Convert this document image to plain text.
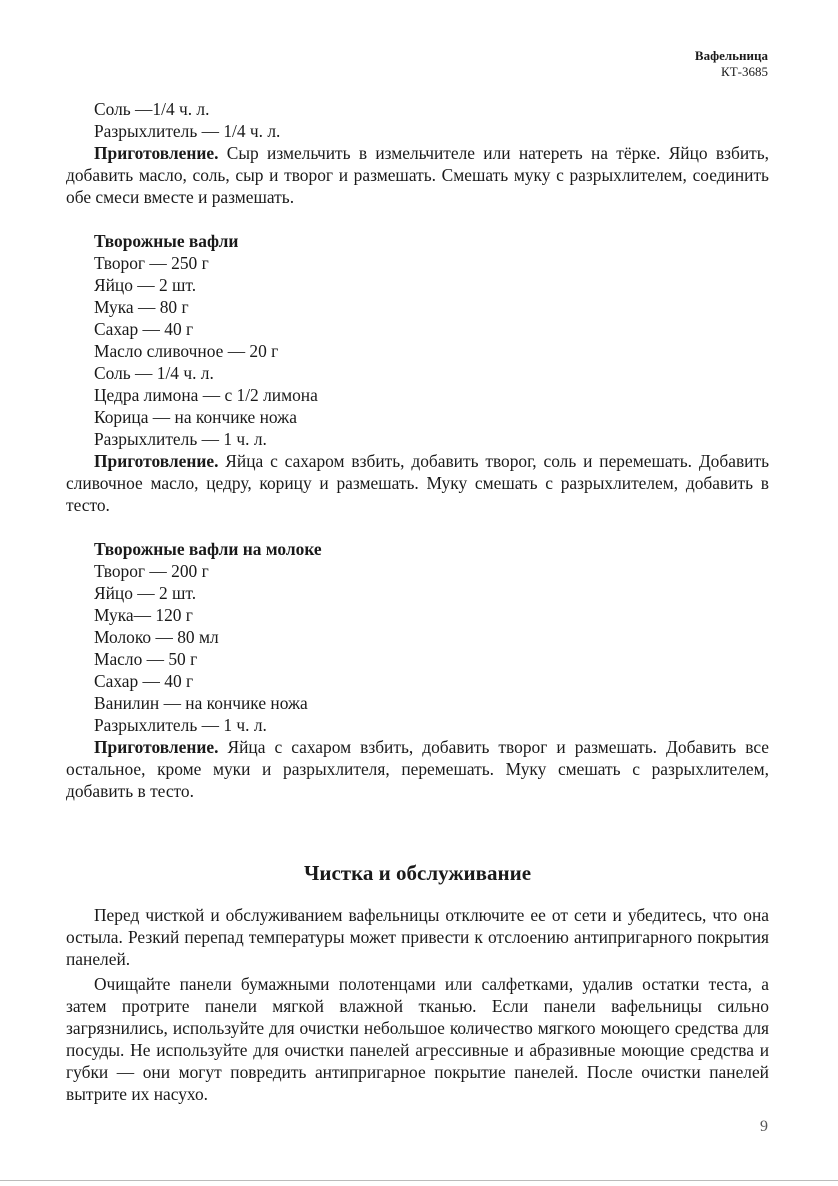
Вафельница
КТ-3685
Соль —1/4 ч. л.
Разрыхлитель — 1/4 ч. л.
Приготовление. Сыр измельчить в измельчителе или натереть на тёрке. Яйцо взбить, добавить масло, соль, сыр и творог и размешать. Смешать муку с разрыхлителем, соединить обе смеси вместе и размешать.
Творожные вафли
Творог — 250 г
Яйцо — 2 шт.
Мука — 80 г
Сахар — 40 г
Масло сливочное — 20 г
Соль — 1/4 ч. л.
Цедра лимона — с 1/2 лимона
Корица — на кончике ножа
Разрыхлитель — 1 ч. л.
Приготовление. Яйца с сахаром взбить, добавить творог, соль и перемешать. Добавить сливочное масло, цедру, корицу и размешать. Муку смешать с разрыхлителем, добавить в тесто.
Творожные вафли на молоке
Творог — 200 г
Яйцо — 2 шт.
Мука— 120 г
Молоко — 80 мл
Масло — 50 г
Сахар — 40 г
Ванилин — на кончике ножа
Разрыхлитель — 1 ч. л.
Приготовление. Яйца с сахаром взбить, добавить творог и размешать. Добавить все остальное, кроме муки и разрыхлителя, перемешать. Муку смешать с разрыхлителем, добавить в тесто.
Чистка и обслуживание
Перед чисткой и обслуживанием вафельницы отключите ее от сети и убедитесь, что она остыла. Резкий перепад температуры может привести к отслоению антипригарного покрытия панелей.
Очищайте панели бумажными полотенцами или салфетками, удалив остатки теста, а затем протрите панели мягкой влажной тканью. Если панели вафельницы сильно загрязнились, используйте для очистки небольшое количество мягкого моющего средства для посуды. Не используйте для очистки панелей агрессивные и абразивные моющие средства и губки — они могут повредить антипригарное покрытие панелей. После очистки панелей вытрите их насухо.
9
